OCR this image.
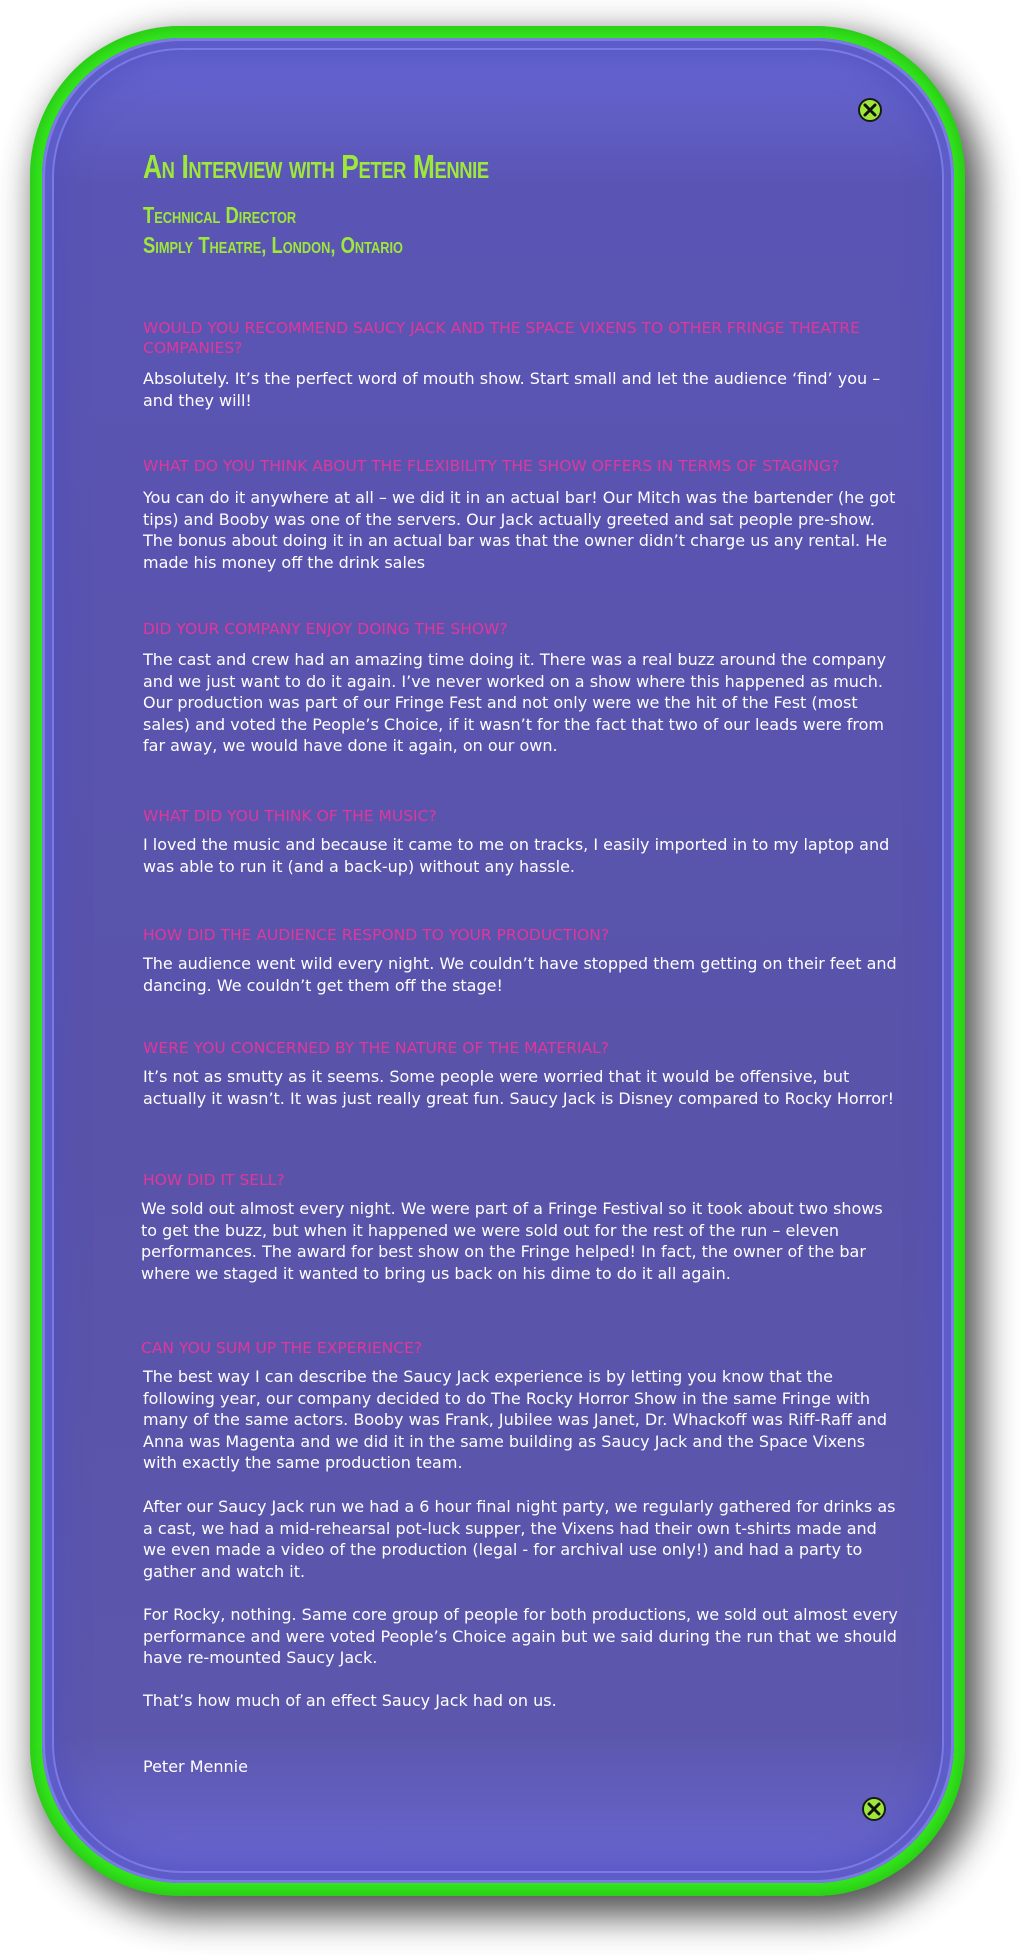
An Interview with Peter Mennie
Technical Director
Simply Theatre, London, Ontario
WOULD YOU RECOMMEND SAUCY JACK AND THE SPACE VIXENS TO OTHER FRINGE THEATRE COMPANIES?
Absolutely. It’s the perfect word of mouth show. Start small and let the audience ‘find’ you – and they will!
WHAT DO YOU THINK ABOUT THE FLEXIBILITY THE SHOW OFFERS IN TERMS OF STAGING?
You can do it anywhere at all – we did it in an actual bar! Our Mitch was the bartender (he got tips) and Booby was one of the servers. Our Jack actually greeted and sat people pre-show. The bonus about doing it in an actual bar was that the owner didn’t charge us any rental. He made his money off the drink sales
DID YOUR COMPANY ENJOY DOING THE SHOW?
The cast and crew had an amazing time doing it. There was a real buzz around the company and we just want to do it again. I’ve never worked on a show where this happened as much. Our production was part of our Fringe Fest and not only were we the hit of the Fest (most sales) and voted the People’s Choice, if it wasn’t for the fact that two of our leads were from far away, we would have done it again, on our own.
WHAT DID YOU THINK OF THE MUSIC?
I loved the music and because it came to me on tracks, I easily imported in to my laptop and was able to run it (and a back-up) without any hassle.
HOW DID THE AUDIENCE RESPOND TO YOUR PRODUCTION?
The audience went wild every night. We couldn’t have stopped them getting on their feet and dancing. We couldn’t get them off the stage!
WERE YOU CONCERNED BY THE NATURE OF THE MATERIAL?
It’s not as smutty as it seems. Some people were worried that it would be offensive, but actually it wasn’t. It was just really great fun. Saucy Jack is Disney compared to Rocky Horror!
HOW DID IT SELL?
We sold out almost every night. We were part of a Fringe Festival so it took about two shows to get the buzz, but when it happened we were sold out for the rest of the run – eleven performances. The award for best show on the Fringe helped! In fact, the owner of the bar where we staged it wanted to bring us back on his dime to do it all again.
CAN YOU SUM UP THE EXPERIENCE?
The best way I can describe the Saucy Jack experience is by letting you know that the following year, our company decided to do The Rocky Horror Show in the same Fringe with many of the same actors. Booby was Frank, Jubilee was Janet, Dr. Whackoff was Riff-Raff and Anna was Magenta and we did it in the same building as Saucy Jack and the Space Vixens with exactly the same production team.
After our Saucy Jack run we had a 6 hour final night party, we regularly gathered for drinks as a cast, we had a mid-rehearsal pot-luck supper, the Vixens had their own t-shirts made and we even made a video of the production (legal - for archival use only!) and had a party to gather and watch it.
For Rocky, nothing. Same core group of people for both productions, we sold out almost every performance and were voted People’s Choice again but we said during the run that we should have re-mounted Saucy Jack.
That’s how much of an effect Saucy Jack had on us.
Peter Mennie
